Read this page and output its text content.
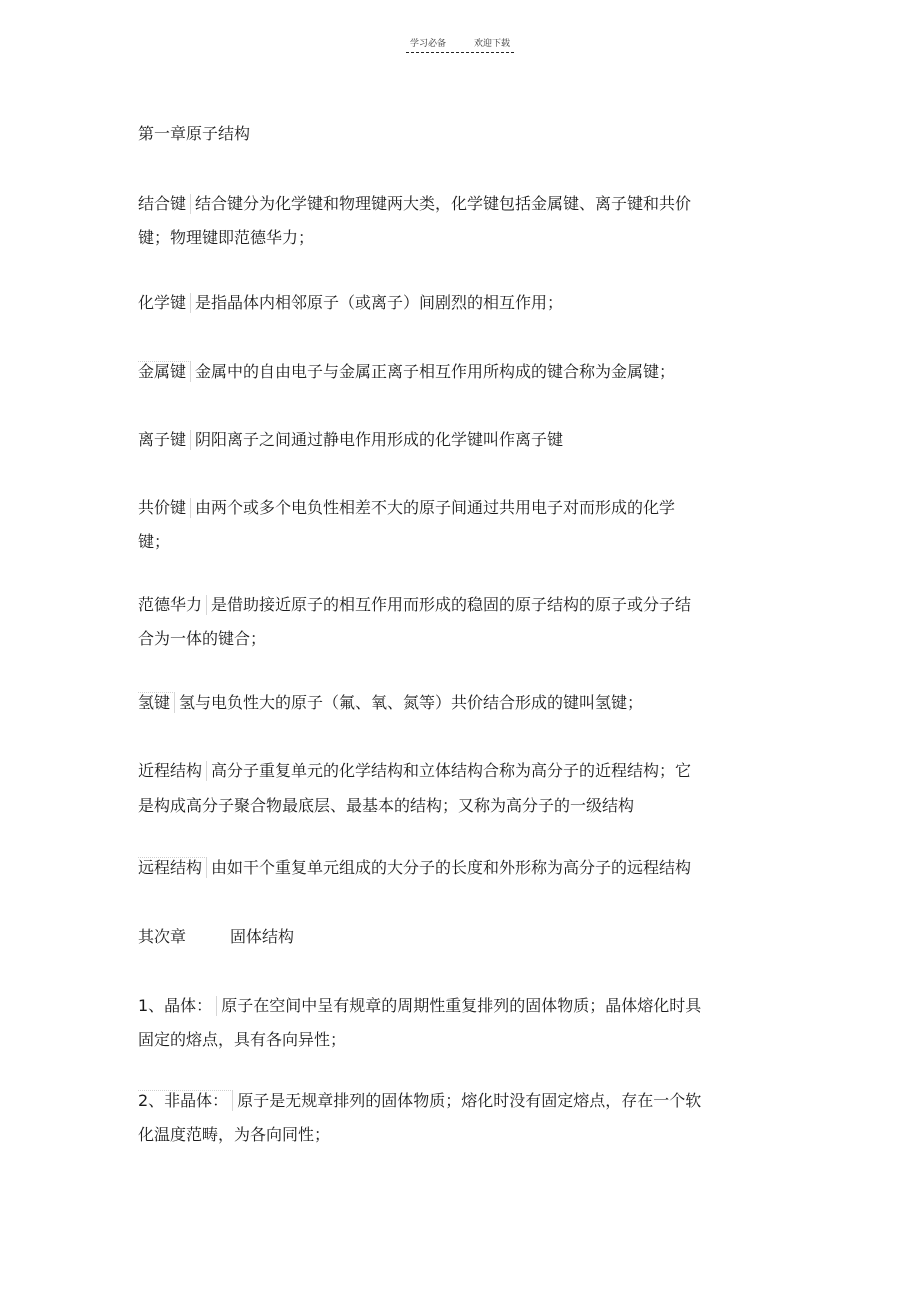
学习必备	欢迎下载
第一章原子结构
结合键 结合键分为化学键和物理键两大类，化学键包括金属键、离子键和共价
键；物理键即范德华力；
化学键 是指晶体内相邻原子（或离子）间剧烈的相互作用；
金属键 金属中的自由电子与金属正离子相互作用所构成的键合称为金属键；
离子键 阴阳离子之间通过静电作用形成的化学键叫作离子键
共价键 由两个或多个电负性相差不大的原子间通过共用电子对而形成的化学
键；
范德华力 是借助接近原子的相互作用而形成的稳固的原子结构的原子或分子结
合为一体的键合；
氢键 氢与电负性大的原子（氟、氧、氮等）共价结合形成的键叫氢键；
近程结构 高分子重复单元的化学结构和立体结构合称为高分子的近程结构；它
是构成高分子聚合物最底层、最基本的结构；又称为高分子的一级结构
远程结构 由如干个重复单元组成的大分子的长度和外形称为高分子的远程结构
其次章	固体结构
1、晶体： 原子在空间中呈有规章的周期性重复排列的固体物质；晶体熔化时具
固定的熔点，具有各向异性；
2、非晶体： 原子是无规章排列的固体物质；熔化时没有固定熔点，存在一个软
化温度范畴，为各向同性；
